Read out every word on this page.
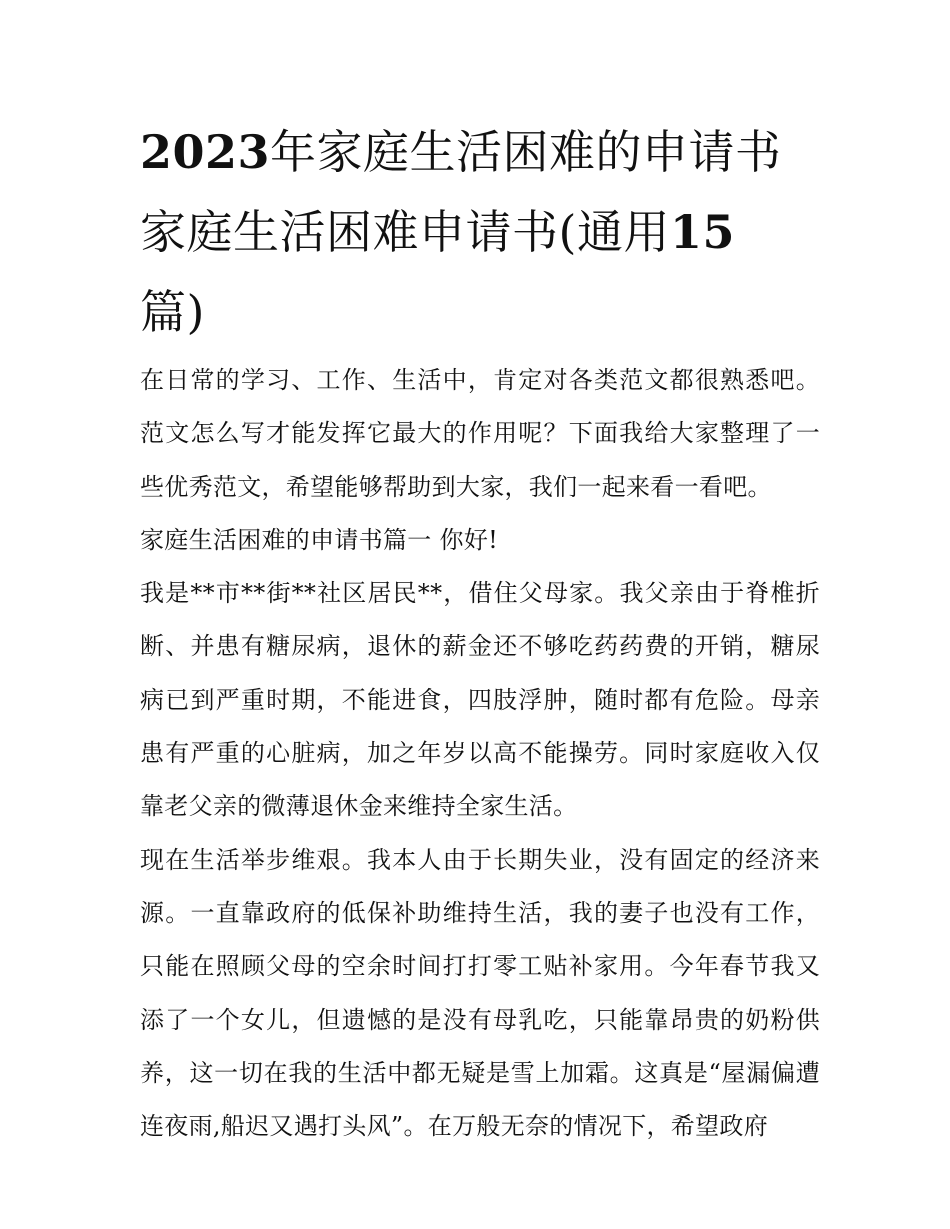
2023年家庭生活困难的申请书家庭生活困难申请书(通用15
篇)

在日常的学习、工作、生活中，肯定对各类范文都很熟悉吧。范文怎么写才能发挥它最大的作用呢？下面我给大家整理了一些优秀范文，希望能够帮助到大家，我们一起来看一看吧。

家庭生活困难的申请书篇一 你好!

我是**市**街**社区居民**，借住父母家。我父亲由于脊椎折断、并患有糖尿病，退休的薪金还不够吃药药费的开销，糖尿病已到严重时期，不能进食，四肢浮肿，随时都有危险。母亲患有严重的心脏病，加之年岁以高不能操劳。同时家庭收入仅靠老父亲的微薄退休金来维持全家生活。

现在生活举步维艰。我本人由于长期失业，没有固定的经济来源。一直靠政府的低保补助维持生活，我的妻子也没有工作，只能在照顾父母的空余时间打打零工贴补家用。今年春节我又添了一个女儿，但遗憾的是没有母乳吃，只能靠昂贵的奶粉供养，这一切在我的生活中都无疑是雪上加霜。这真是“屋漏偏遭连夜雨,船迟又遇打头风”。在万般无奈的情况下，希望政府
